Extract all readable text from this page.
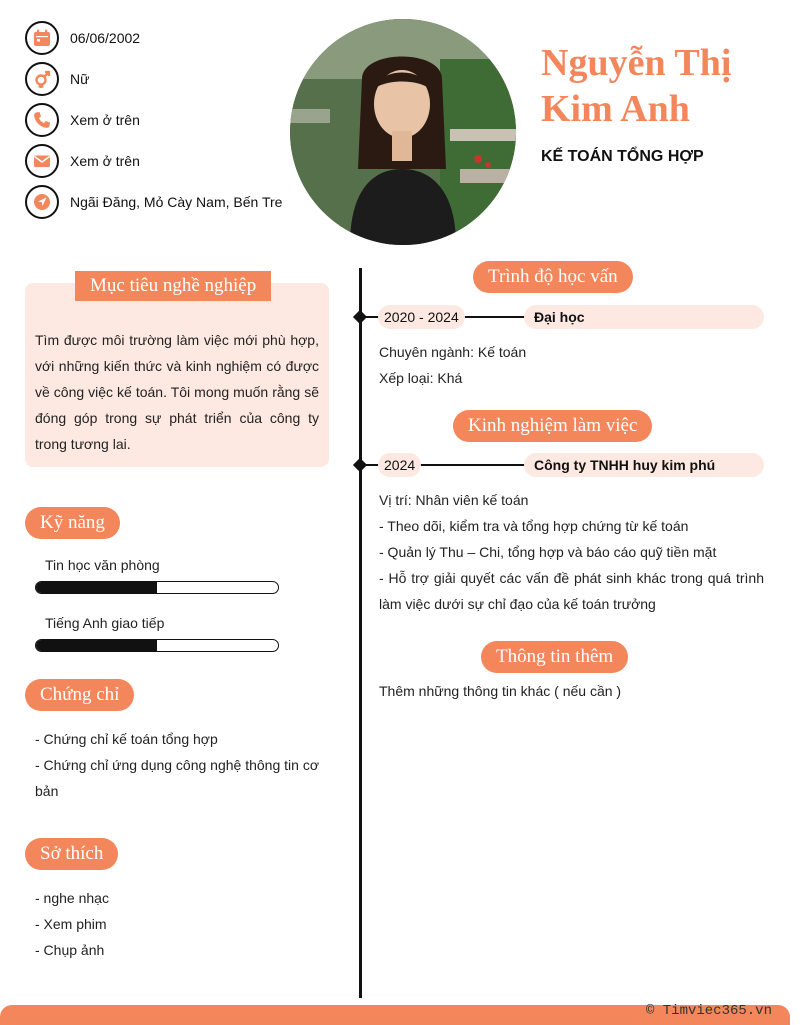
06/06/2002
Nữ
Xem ở trên
Xem ở trên
Ngãi Đăng, Mỏ Cày Nam, Bến Tre
Nguyễn Thị Kim Anh
KẾ TOÁN TỔNG HỢP
Mục tiêu nghề nghiệp
Tìm được môi trường làm việc mới phù hợp, với những kiến thức và kinh nghiệm có được về công việc kế toán. Tôi mong muốn rằng sẽ đóng góp trong sự phát triển của công ty trong tương lai.
Kỹ năng
Tin học văn phòng
Tiếng Anh giao tiếp
Chứng chỉ
- Chứng chỉ kế toán tổng hợp
- Chứng chỉ ứng dụng công nghệ thông tin cơ bản
Sở thích
- nghe nhạc
- Xem phim
- Chụp ảnh
Trình độ học vấn
2020 - 2024	Đại học
Chuyên ngành: Kế toán
Xếp loại: Khá
Kinh nghiệm làm việc
2024	Công ty TNHH huy kim phú
Vị trí: Nhân viên kế toán
- Theo dõi, kiểm tra và tổng hợp chứng từ kế toán
- Quản lý Thu – Chi, tổng hợp và báo cáo quỹ tiền mặt
- Hỗ trợ giải quyết các vấn đề phát sinh khác trong quá trình làm việc dưới sự chỉ đạo của kế toán trưởng
Thông tin thêm
Thêm những thông tin khác ( nếu cần )
© Timviec365.vn
